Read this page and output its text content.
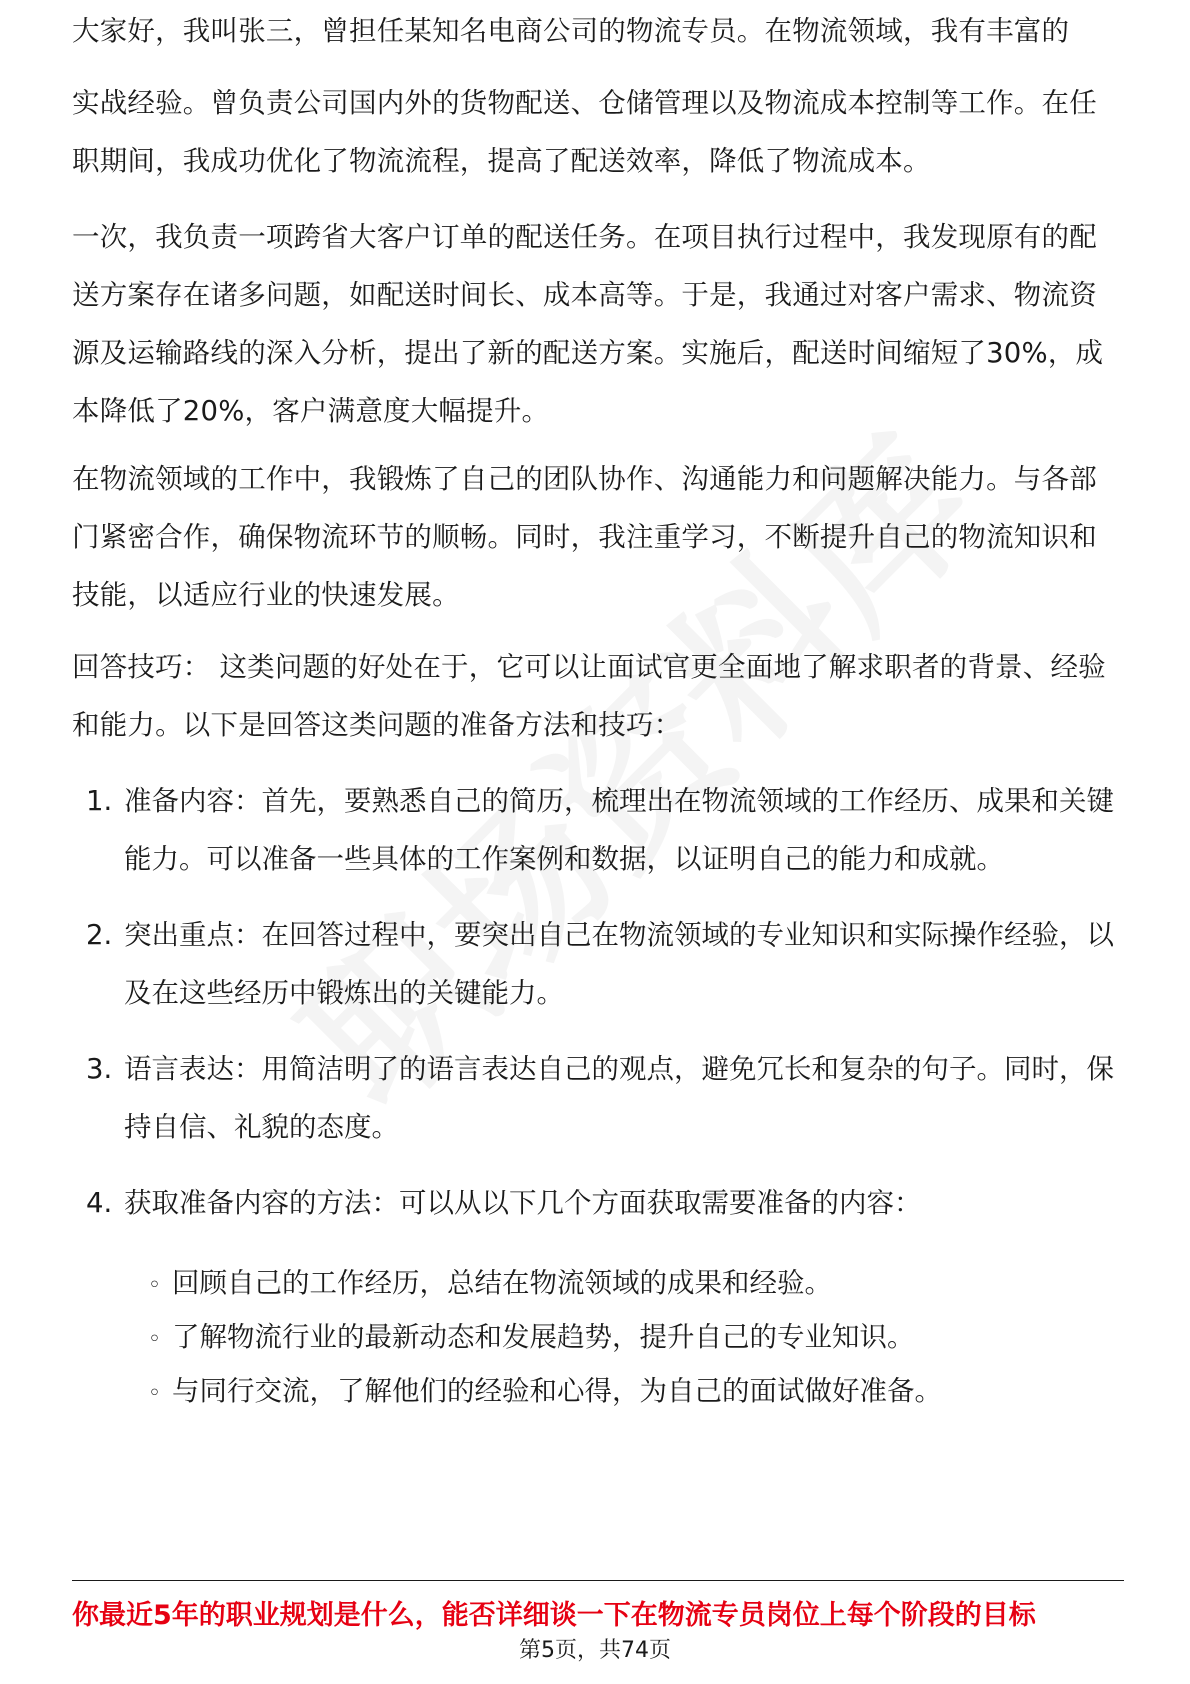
大家好，我叫张三，曾担任某知名电商公司的物流专员。在物流领域，我有丰富的
实战经验。曾负责公司国内外的货物配送、仓储管理以及物流成本控制等工作。在任职期间，我成功优化了物流流程，提高了配送效率，降低了物流成本。
一次，我负责一项跨省大客户订单的配送任务。在项目执行过程中，我发现原有的配送方案存在诸多问题，如配送时间长、成本高等。于是，我通过对客户需求、物流资源及运输路线的深入分析，提出了新的配送方案。实施后，配送时间缩短了30%，成本降低了20%，客户满意度大幅提升。
在物流领域的工作中，我锻炼了自己的团队协作、沟通能力和问题解决能力。与各部门紧密合作，确保物流环节的顺畅。同时，我注重学习，不断提升自己的物流知识和技能，以适应行业的快速发展。
回答技巧： 这类问题的好处在于，它可以让面试官更全面地了解求职者的背景、经验和能力。以下是回答这类问题的准备方法和技巧：
1. 准备内容：首先，要熟悉自己的简历，梳理出在物流领域的工作经历、成果和关键能力。可以准备一些具体的工作案例和数据，以证明自己的能力和成就。
2. 突出重点：在回答过程中，要突出自己在物流领域的专业知识和实际操作经验，以及在这些经历中锻炼出的关键能力。
3. 语言表达：用简洁明了的语言表达自己的观点，避免冗长和复杂的句子。同时，保持自信、礼貌的态度。
4. 获取准备内容的方法：可以从以下几个方面获取需要准备的内容：
◦ 回顾自己的工作经历，总结在物流领域的成果和经验。
◦ 了解物流行业的最新动态和发展趋势，提升自己的专业知识。
◦ 与同行交流，了解他们的经验和心得，为自己的面试做好准备。
你最近5年的职业规划是什么，能否详细谈一下在物流专员岗位上每个阶段的目标
第5页，共74页
